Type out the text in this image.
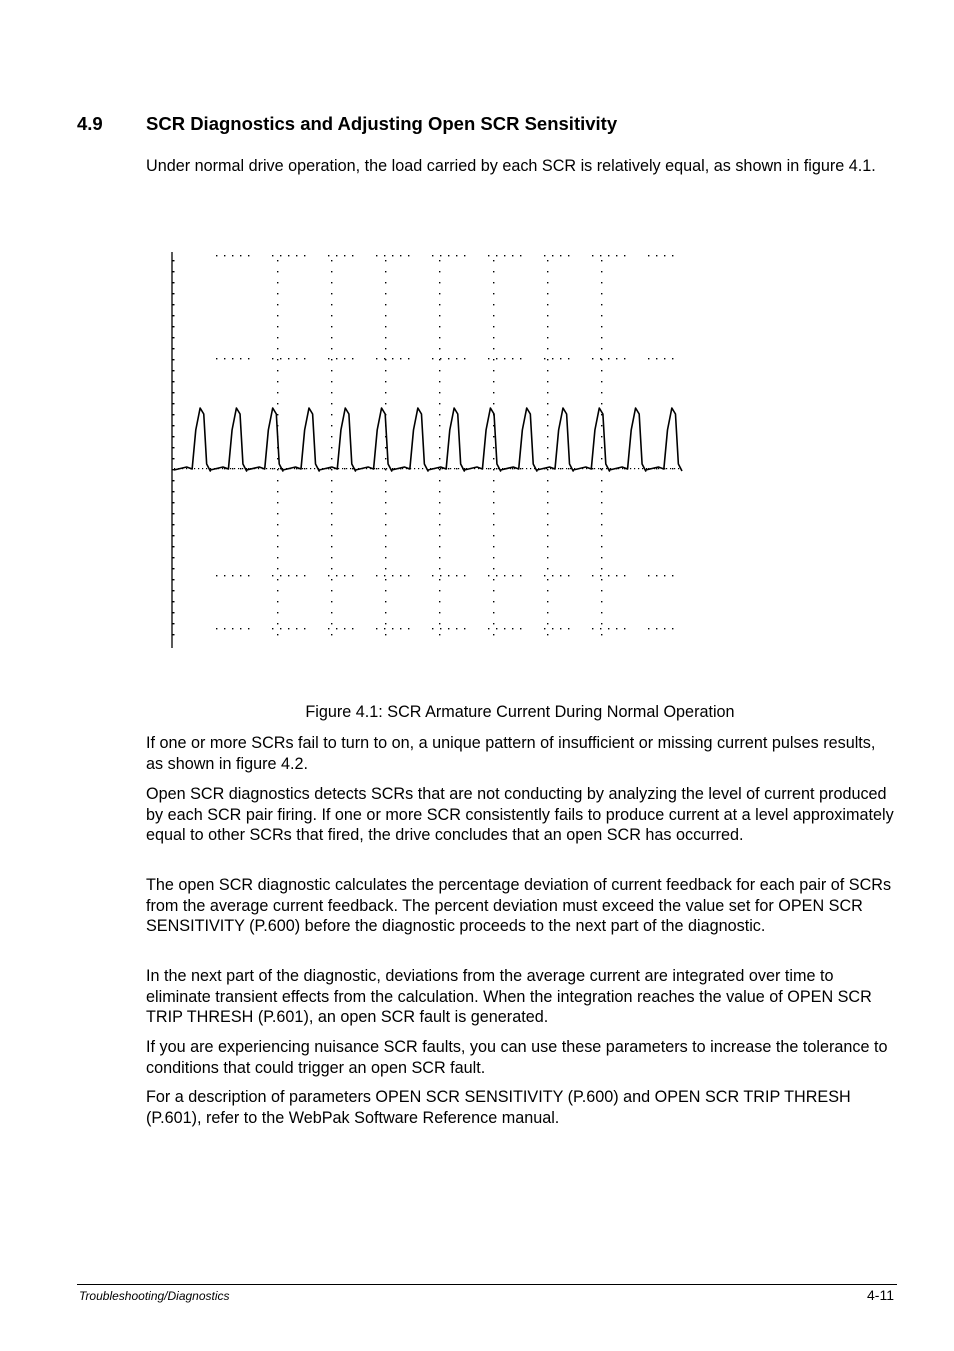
4.9 SCR Diagnostics and Adjusting Open SCR Sensitivity
Under normal drive operation, the load carried by each SCR is relatively equal, as shown in figure 4.1.
Figure 4.1: SCR Armature Current During Normal Operation
If one or more SCRs fail to turn to on, a unique pattern of insufficient or missing current pulses results, as shown in figure 4.2.
Open SCR diagnostics detects SCRs that are not conducting by analyzing the level of current produced by each SCR pair firing. If one or more SCR consistently fails to produce current at a level approximately equal to other SCRs that fired, the drive concludes that an open SCR has occurred.
The open SCR diagnostic calculates the percentage deviation of current feedback for each pair of SCRs from the average current feedback. The percent deviation must exceed the value set for OPEN SCR SENSITIVITY (P.600) before the diagnostic proceeds to the next part of the diagnostic.
In the next part of the diagnostic, deviations from the average current are integrated over time to eliminate transient effects from the calculation. When the integration reaches the value of OPEN SCR TRIP THRESH (P.601), an open SCR fault is generated.
If you are experiencing nuisance SCR faults, you can use these parameters to increase the tolerance to conditions that could trigger an open SCR fault.
For a description of parameters OPEN SCR SENSITIVITY (P.600) and OPEN SCR TRIP THRESH (P.601), refer to the WebPak Software Reference manual.
Troubleshooting/Diagnostics	4-11
